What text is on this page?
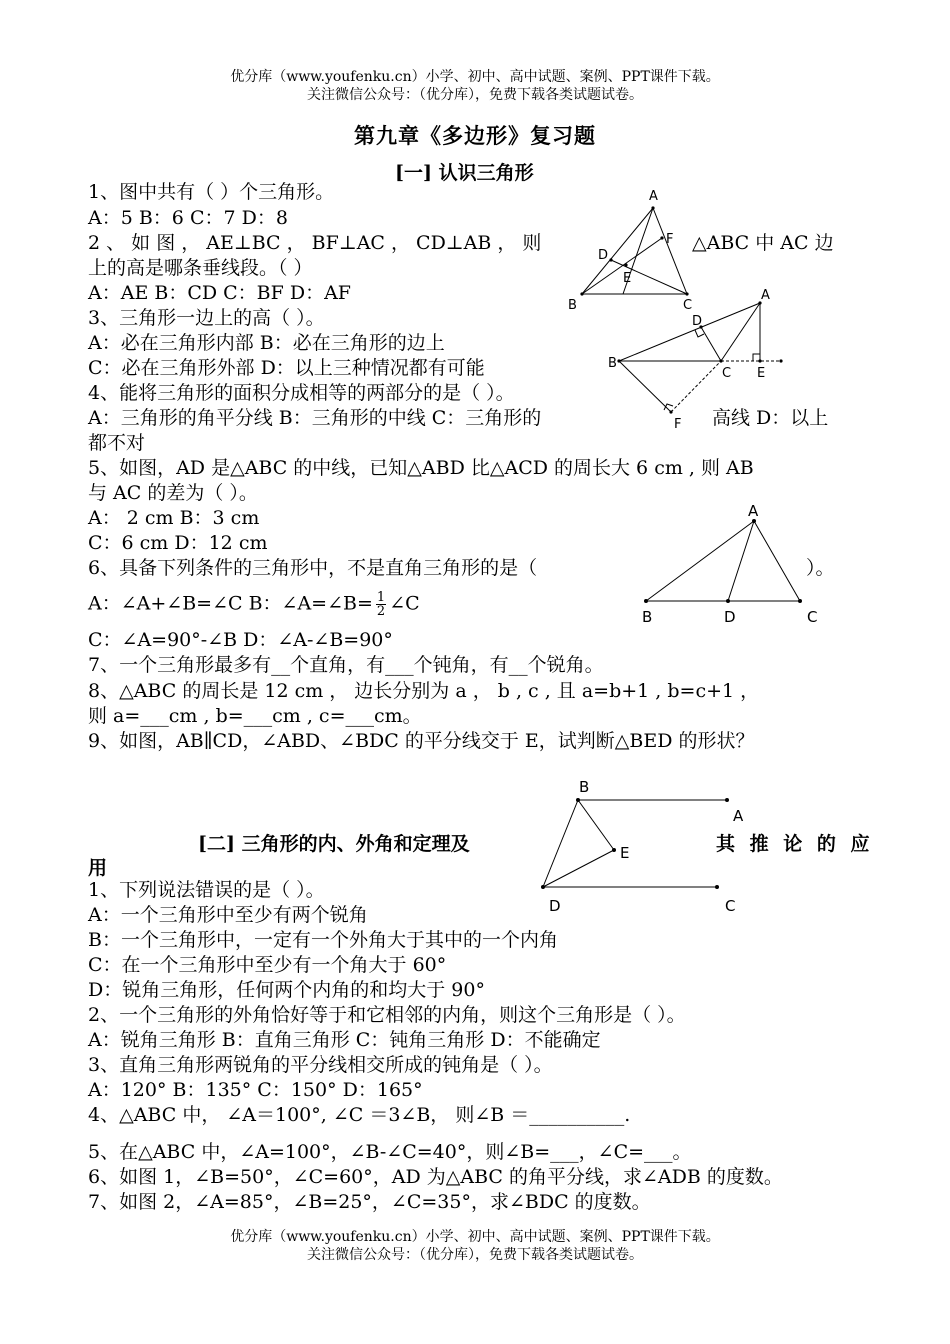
优分库（www.youfenku.cn）小学、初中、高中试题、案例、PPT课件下载。
关注微信公众号：（优分库），免费下载各类试题试卷。
第九章《多边形》复习题
[一] 认识三角形
1、图中共有（ ）个三角形。
A：5 B：6 C：7 D：8
2 、 如 图 ， AE⊥BC ， BF⊥AC ， CD⊥AB ， 则	△ABC 中 AC 边
上的高是哪条垂线段。（ ）
A：AE B：CD C：BF D：AF
3、三角形一边上的高（ ）。
A：必在三角形内部 B：必在三角形的边上
C：必在三角形外部 D：以上三种情况都有可能
4、能将三角形的面积分成相等的两部分的是（ ）。
A：三角形的角平分线 B：三角形的中线 C：三角形的	高线 D：以上
都不对
5、如图，AD 是△ABC 的中线，已知△ABD 比△ACD 的周长大 6 cm , 则 AB
与 AC 的差为（ ）。
A： 2 cm B：3 cm
C：6 cm D：12 cm
6、具备下列条件的三角形中，不是直角三角形的是（	）。
A：∠A+∠B=∠C B：∠A=∠B= $\frac{1}{2}$ ∠C
C：∠A=90°-∠B D：∠A-∠B=90°
7、一个三角形最多有__个直角，有___个钝角，有__个锐角。
8、△ABC 的周长是 12 cm ， 边长分别为 a ， b , c , 且 a=b+1 , b=c+1 ，
则 a=___cm , b=___cm , c=___cm。
9、如图，AB∥CD，∠ABD、∠BDC 的平分线交于 E，试判断△BED 的形状？
[二] 三角形的内、外角和定理及	其 推 论 的 应
用
1、下列说法错误的是（ ）。
A：一个三角形中至少有两个锐角
B：一个三角形中，一定有一个外角大于其中的一个内角
C：在一个三角形中至少有一个角大于 60°
D：锐角三角形，任何两个内角的和均大于 90°
2、一个三角形的外角恰好等于和它相邻的内角，则这个三角形是（ ）。
A：锐角三角形 B：直角三角形 C：钝角三角形 D：不能确定
3、直角三角形两锐角的平分线相交所成的钝角是（ ）。
A：120° B：135° C：150° D：165°
4、△ABC 中， ∠A＝100°, ∠C ＝3∠B， 则∠B ＝__________.
5、在△ABC 中，∠A=100°，∠B-∠C=40°，则∠B=___，∠C=___。
6、如图 1，∠B=50°，∠C=60°，AD 为△ABC 的角平分线，求∠ADB 的度数。
7、如图 2，∠A=85°，∠B=25°，∠C=35°，求∠BDC 的度数。
优分库（www.youfenku.cn）小学、初中、高中试题、案例、PPT课件下载。
关注微信公众号：（优分库），免费下载各类试题试卷。
A
B	C
D
E
F
A
B
C
D
E
F
A
B	D	C
B
A
E
D	C
